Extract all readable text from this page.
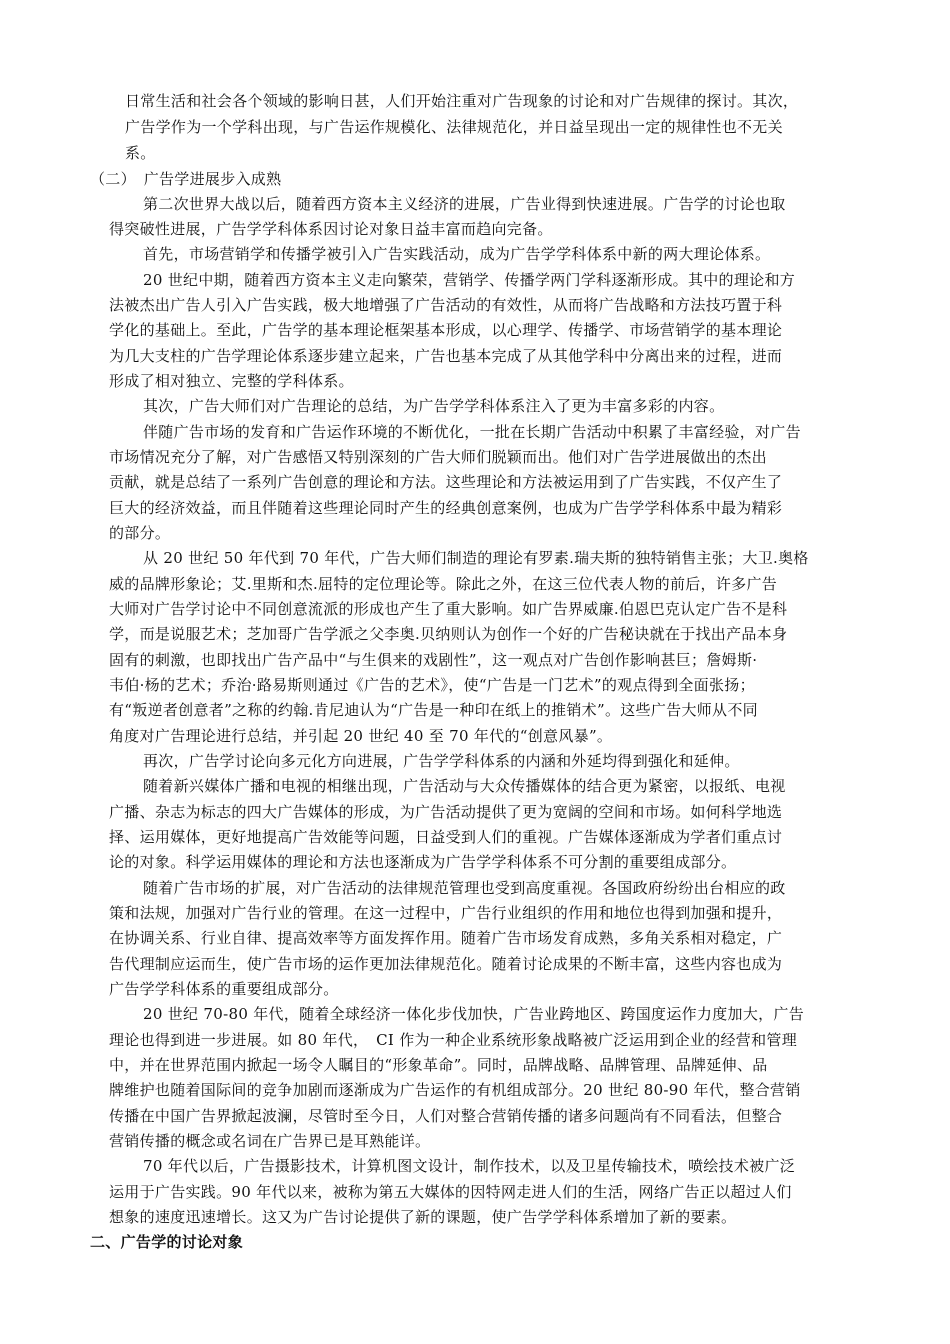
日常生活和社会各个领域的影响日甚，人们开始注重对广告现象的讨论和对广告规律的探讨。其次，
广告学作为一个学科出现，与广告运作规模化、法律规范化，并日益呈现出一定的规律性也不无关
系。
（二）　广告学进展步入成熟
第二次世界大战以后，随着西方资本主义经济的进展，广告业得到快速进展。广告学的讨论也取
得突破性进展，广告学学科体系因讨论对象日益丰富而趋向完备。
首先，市场营销学和传播学被引入广告实践活动，成为广告学学科体系中新的两大理论体系。
20 世纪中期，随着西方资本主义走向繁荣，营销学、传播学两门学科逐渐形成。其中的理论和方
法被杰出广告人引入广告实践，极大地增强了广告活动的有效性，从而将广告战略和方法技巧置于科
学化的基础上。至此，广告学的基本理论框架基本形成，以心理学、传播学、市场营销学的基本理论
为几大支柱的广告学理论体系逐步建立起来，广告也基本完成了从其他学科中分离出来的过程，进而
形成了相对独立、完整的学科体系。
其次，广告大师们对广告理论的总结，为广告学学科体系注入了更为丰富多彩的内容。
伴随广告市场的发育和广告运作环境的不断优化，一批在长期广告活动中积累了丰富经验，对广告
市场情况充分了解，对广告感悟又特别深刻的广告大师们脱颖而出。他们对广告学进展做出的杰出
贡献，就是总结了一系列广告创意的理论和方法。这些理论和方法被运用到了广告实践，不仅产生了
巨大的经济效益，而且伴随着这些理论同时产生的经典创意案例，也成为广告学学科体系中最为精彩
的部分。
从 20 世纪 50 年代到 70 年代，广告大师们制造的理论有罗素.瑞夫斯的独特销售主张；大卫.奥格
威的品牌形象论；艾.里斯和杰.屈特的定位理论等。除此之外，在这三位代表人物的前后，许多广告
大师对广告学讨论中不同创意流派的形成也产生了重大影响。如广告界威廉.伯恩巴克认定广告不是科
学，而是说服艺术；芝加哥广告学派之父李奥.贝纳则认为创作一个好的广告秘诀就在于找出产品本身
固有的刺激，也即找出广告产品中“与生俱来的戏剧性”，这一观点对广告创作影响甚巨；詹姆斯·
韦伯·杨的艺术；乔治·路易斯则通过《广告的艺术》，使“广告是一门艺术”的观点得到全面张扬；
有“叛逆者创意者”之称的约翰.肯尼迪认为“广告是一种印在纸上的推销术”。这些广告大师从不同
角度对广告理论进行总结，并引起 20 世纪 40 至 70 年代的“创意风暴”。
再次，广告学讨论向多元化方向进展，广告学学科体系的内涵和外延均得到强化和延伸。
随着新兴媒体广播和电视的相继出现，广告活动与大众传播媒体的结合更为紧密，以报纸、电视
广播、杂志为标志的四大广告媒体的形成，为广告活动提供了更为宽阔的空间和市场。如何科学地选
择、运用媒体，更好地提高广告效能等问题，日益受到人们的重视。广告媒体逐渐成为学者们重点讨
论的对象。科学运用媒体的理论和方法也逐渐成为广告学学科体系不可分割的重要组成部分。
随着广告市场的扩展，对广告活动的法律规范管理也受到高度重视。各国政府纷纷出台相应的政
策和法规，加强对广告行业的管理。在这一过程中，广告行业组织的作用和地位也得到加强和提升，
在协调关系、行业自律、提高效率等方面发挥作用。随着广告市场发育成熟，多角关系相对稳定，广
告代理制应运而生，使广告市场的运作更加法律规范化。随着讨论成果的不断丰富，这些内容也成为
广告学学科体系的重要组成部分。
20 世纪 70-80 年代，随着全球经济一体化步伐加快，广告业跨地区、跨国度运作力度加大，广告
理论也得到进一步进展。如 80 年代，　CI 作为一种企业系统形象战略被广泛运用到企业的经营和管理
中，并在世界范围内掀起一场令人瞩目的“形象革命”。同时，品牌战略、品牌管理、品牌延伸、品
牌维护也随着国际间的竞争加剧而逐渐成为广告运作的有机组成部分。20 世纪 80-90 年代，整合营销
传播在中国广告界掀起波澜，尽管时至今日，人们对整合营销传播的诸多问题尚有不同看法，但整合
营销传播的概念或名词在广告界已是耳熟能详。
70 年代以后，广告摄影技术，计算机图文设计，制作技术，以及卫星传输技术，喷绘技术被广泛
运用于广告实践。90 年代以来，被称为第五大媒体的因特网走进人们的生活，网络广告正以超过人们
想象的速度迅速增长。这又为广告讨论提供了新的课题，使广告学学科体系增加了新的要素。
二、广告学的讨论对象
